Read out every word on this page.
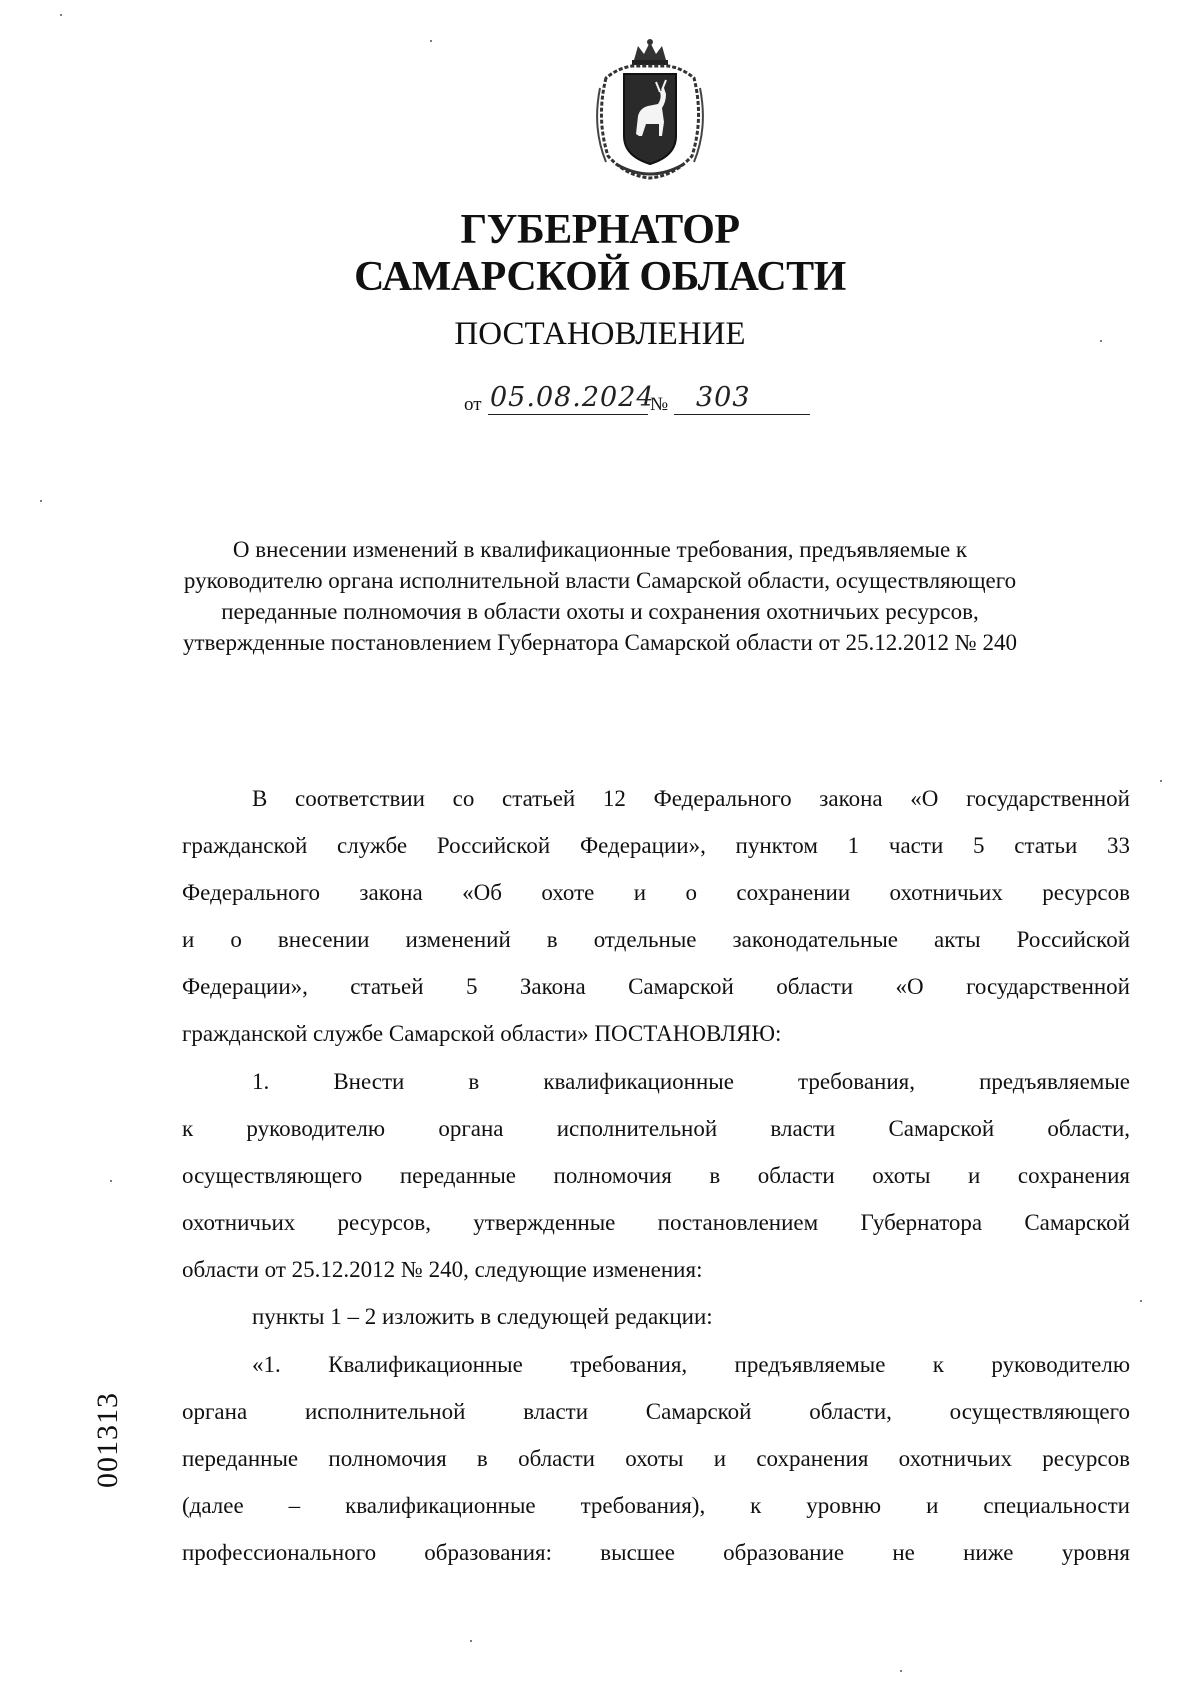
ГУБЕРНАТОР
САМАРСКОЙ ОБЛАСТИ
ПОСТАНОВЛЕНИЕ
от 05.08.2024
№ 303
О внесении изменений в квалификационные требования, предъявляемые к руководителю органа исполнительной власти Самарской области, осуществляющего переданные полномочия в области охоты и сохранения охотничьих ресурсов, утвержденные постановлением Губернатора Самарской области от 25.12.2012 № 240
В соответствии со статьей 12 Федерального закона «О государственной
гражданской службе Российской Федерации», пунктом 1 части 5 статьи 33
Федерального закона «Об охоте и о сохранении охотничьих ресурсов
и о внесении изменений в отдельные законодательные акты Российской
Федерации», статьей 5 Закона Самарской области «О государственной
гражданской службе Самарской области» ПОСТАНОВЛЯЮ:
1. Внести в квалификационные требования, предъявляемые
к руководителю органа исполнительной власти Самарской области,
осуществляющего переданные полномочия в области охоты и сохранения
охотничьих ресурсов, утвержденные постановлением Губернатора Самарской
области от 25.12.2012 № 240, следующие изменения:
пункты 1 – 2 изложить в следующей редакции:
«1. Квалификационные требования, предъявляемые к руководителю
органа исполнительной власти Самарской области, осуществляющего
переданные полномочия в области охоты и сохранения охотничьих ресурсов
(далее – квалификационные требования), к уровню и специальности
профессионального образования: высшее образование не ниже уровня
001313
